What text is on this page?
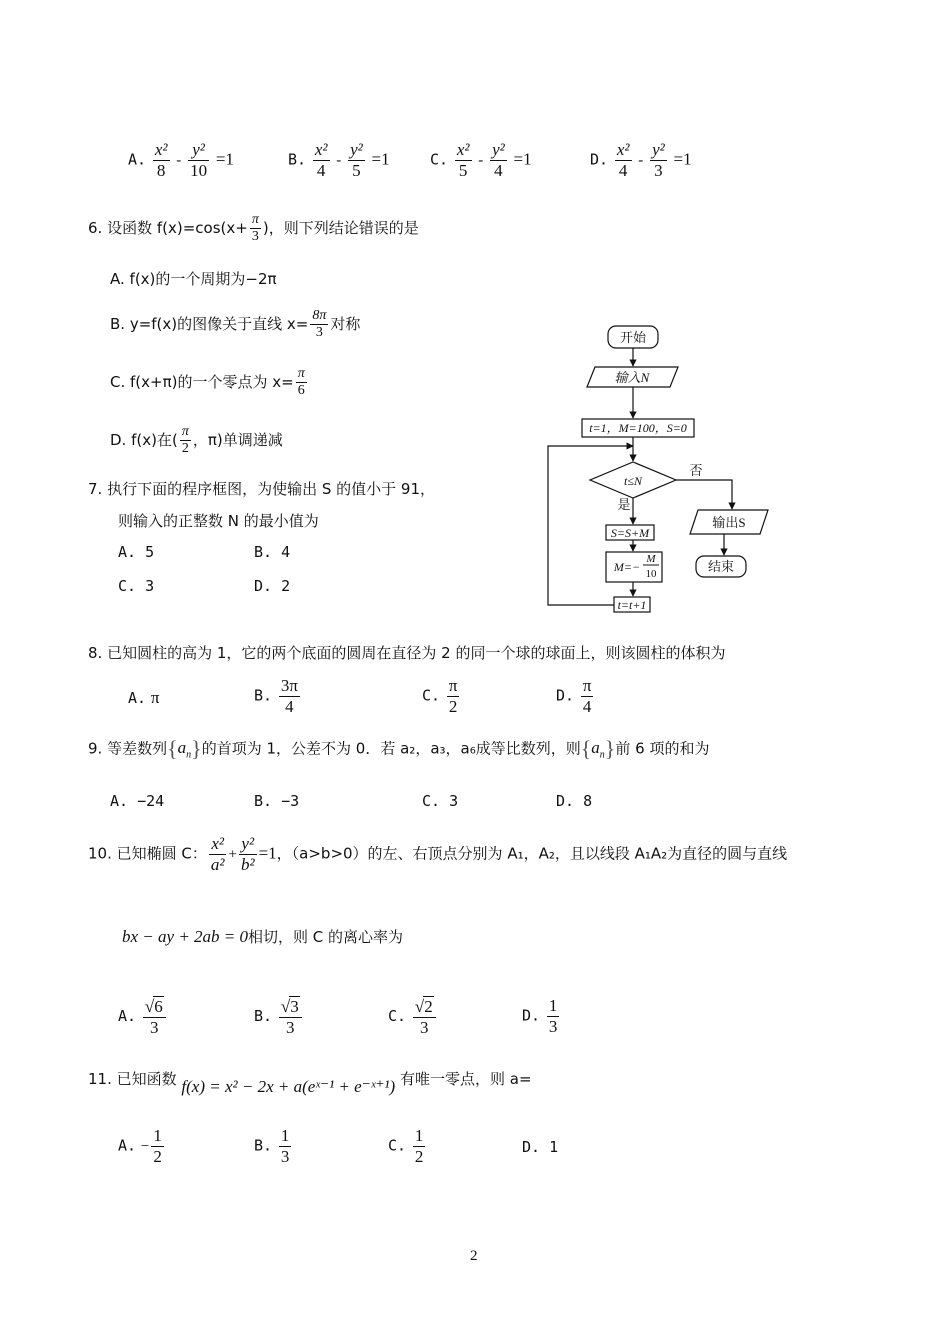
A. $\frac{\text{x²}}{8} - \frac{\text{y²}}{10} =1$	B. $\frac{\text{x²}}{4} - \frac{\text{y²}}{5} =1$	C. $\frac{\text{x²}}{5} - \frac{\text{y²}}{4} =1$	D. $\frac{\text{x²}}{4} - \frac{\text{y²}}{3} =1$
6. 设函数 $f(x)=\cos(x+ \frac{\pi}{3}$ )，则下列结论错误的是
A. f(x)的一个周期为−2π
B. y=f(x)的图像关于直线 $x= \frac{8\pi}{3}$ 对称
C. f(x+π)的一个零点为 $x= \frac{\pi}{6}$
D. f(x)在( $\frac{\pi}{2}$ ，π)单调递减
7. 执行下面的程序框图，为使输出 S 的值小于 91，
则输入的正整数 N 的最小值为
A. 5	B. 4
C. 3	D. 2
开始
输入N
t=1，M=100，S=0
t≤N
否
是
S=S+M
M=−
M
10
t=t+1
输出S
结束
8. 已知圆柱的高为 1，它的两个底面的圆周在直径为 2 的同一个球的球面上，则该圆柱的体积为
A. π	B. $\frac{3\pi}{4}$	C. $\frac{\pi}{2}$	D. $\frac{\pi}{4}$
9. 等差数列$\{a_n\}$的首项为 1，公差不为 0．若 a₂，a₃，a₆成等比数列，则$\{a_n\}$前 6 项的和为
A. −24	B. −3	C. 3	D. 8
10. 已知椭圆 C： $\frac{\text{x²}}{\text{a²}} + \frac{\text{y²}}{\text{b²}} =1$，（a>b>0）的左、右顶点分别为 A₁，A₂，且以线段 A₁A₂为直径的圆与直线
bx − ay + 2ab = 0相切，则 C 的离心率为
A. $\frac{√6}{3}$	B. $\frac{√3}{3}$	C. $\frac{√2}{3}$	D. $\frac{1}{3}$
11. 已知函数 f(x) = x² − 2x + a(eˣ⁻¹ + e⁻ˣ⁺¹) 有唯一零点，则 a=
A. − $\frac{1}{2}$	B. $\frac{1}{3}$	C. $\frac{1}{2}$	D. 1
2
